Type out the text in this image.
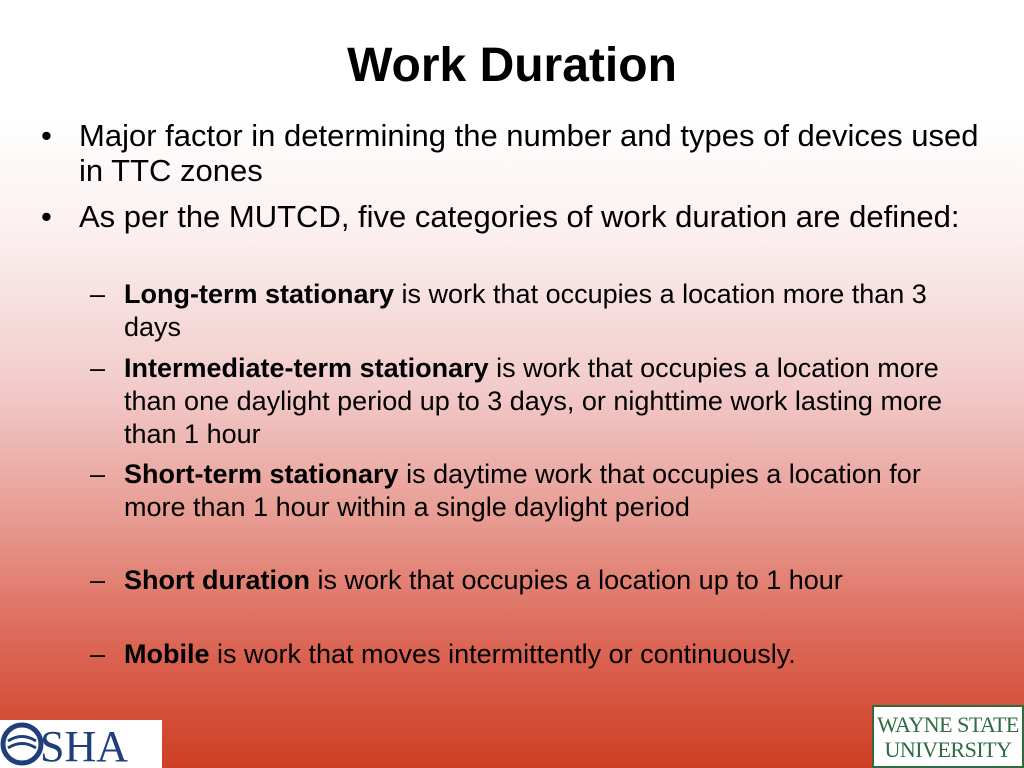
Work Duration
• Major factor in determining the number and types of devices used in TTC zones
• As per the MUTCD, five categories of work duration are defined:
– Long-term stationary is work that occupies a location more than 3 days
– Intermediate-term stationary is work that occupies a location more than one daylight period up to 3 days, or nighttime work lasting more than 1 hour
– Short-term stationary is daytime work that occupies a location for more than 1 hour within a single daylight period
– Short duration is work that occupies a location up to 1 hour
– Mobile is work that moves intermittently or continuously.
SHA	WAYNE STATE
UNIVERSITY
